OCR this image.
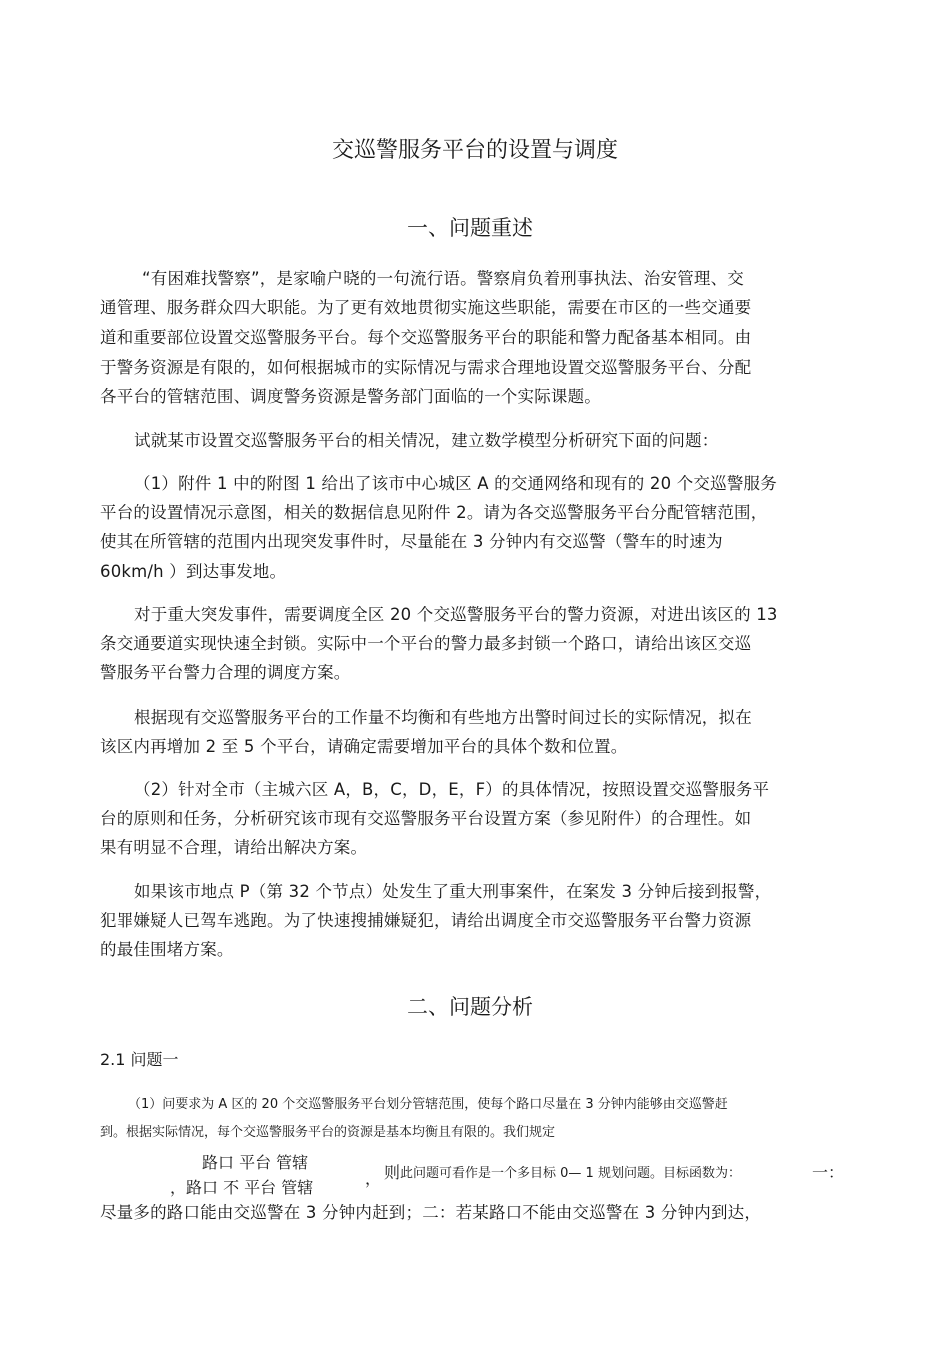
交巡警服务平台的设置与调度
一、问题重述
“有困难找警察”，是家喻户晓的一句流行语。警察肩负着刑事执法、治安管理、交
通管理、服务群众四大职能。为了更有效地贯彻实施这些职能，需要在市区的一些交通要
道和重要部位设置交巡警服务平台。每个交巡警服务平台的职能和警力配备基本相同。由
于警务资源是有限的，如何根据城市的实际情况与需求合理地设置交巡警服务平台、分配
各平台的管辖范围、调度警务资源是警务部门面临的一个实际课题。
试就某市设置交巡警服务平台的相关情况，建立数学模型分析研究下面的问题：
（1）附件 1 中的附图 1 给出了该市中心城区 A 的交通网络和现有的 20 个交巡警服务
平台的设置情况示意图，相关的数据信息见附件 2。请为各交巡警服务平台分配管辖范围，
使其在所管辖的范围内出现突发事件时，尽量能在 3 分钟内有交巡警（警车的时速为
60km/h ）到达事发地。
对于重大突发事件，需要调度全区 20 个交巡警服务平台的警力资源，对进出该区的 13
条交通要道实现快速全封锁。实际中一个平台的警力最多封锁一个路口，请给出该区交巡
警服务平台警力合理的调度方案。
根据现有交巡警服务平台的工作量不均衡和有些地方出警时间过长的实际情况，拟在
该区内再增加 2 至 5 个平台，请确定需要增加平台的具体个数和位置。
（2）针对全市（主城六区 A，B，C，D，E，F）的具体情况，按照设置交巡警服务平
台的原则和任务，分析研究该市现有交巡警服务平台设置方案（参见附件）的合理性。如
果有明显不合理，请给出解决方案。
如果该市地点 P（第 32 个节点）处发生了重大刑事案件，在案发 3 分钟后接到报警，
犯罪嫌疑人已驾车逃跑。为了快速搜捕嫌疑犯，请给出调度全市交巡警服务平台警力资源
的最佳围堵方案。
二、问题分析
2.1 问题一
（1）问要求为 A 区的 20 个交巡警服务平台划分管辖范围，使每个路口尽量在 3 分钟内能够由交巡警赶
到。根据实际情况，每个交巡警服务平台的资源是基本均衡且有限的。我们规定
路口 平台 管辖
，路口 不 平台 管辖	， 则 此问题可看作是一个多目标 0— 1 规划问题。目标函数为：	一：
尽量多的路口能由交巡警在 3 分钟内赶到；二：若某路口不能由交巡警在 3 分钟内到达，
